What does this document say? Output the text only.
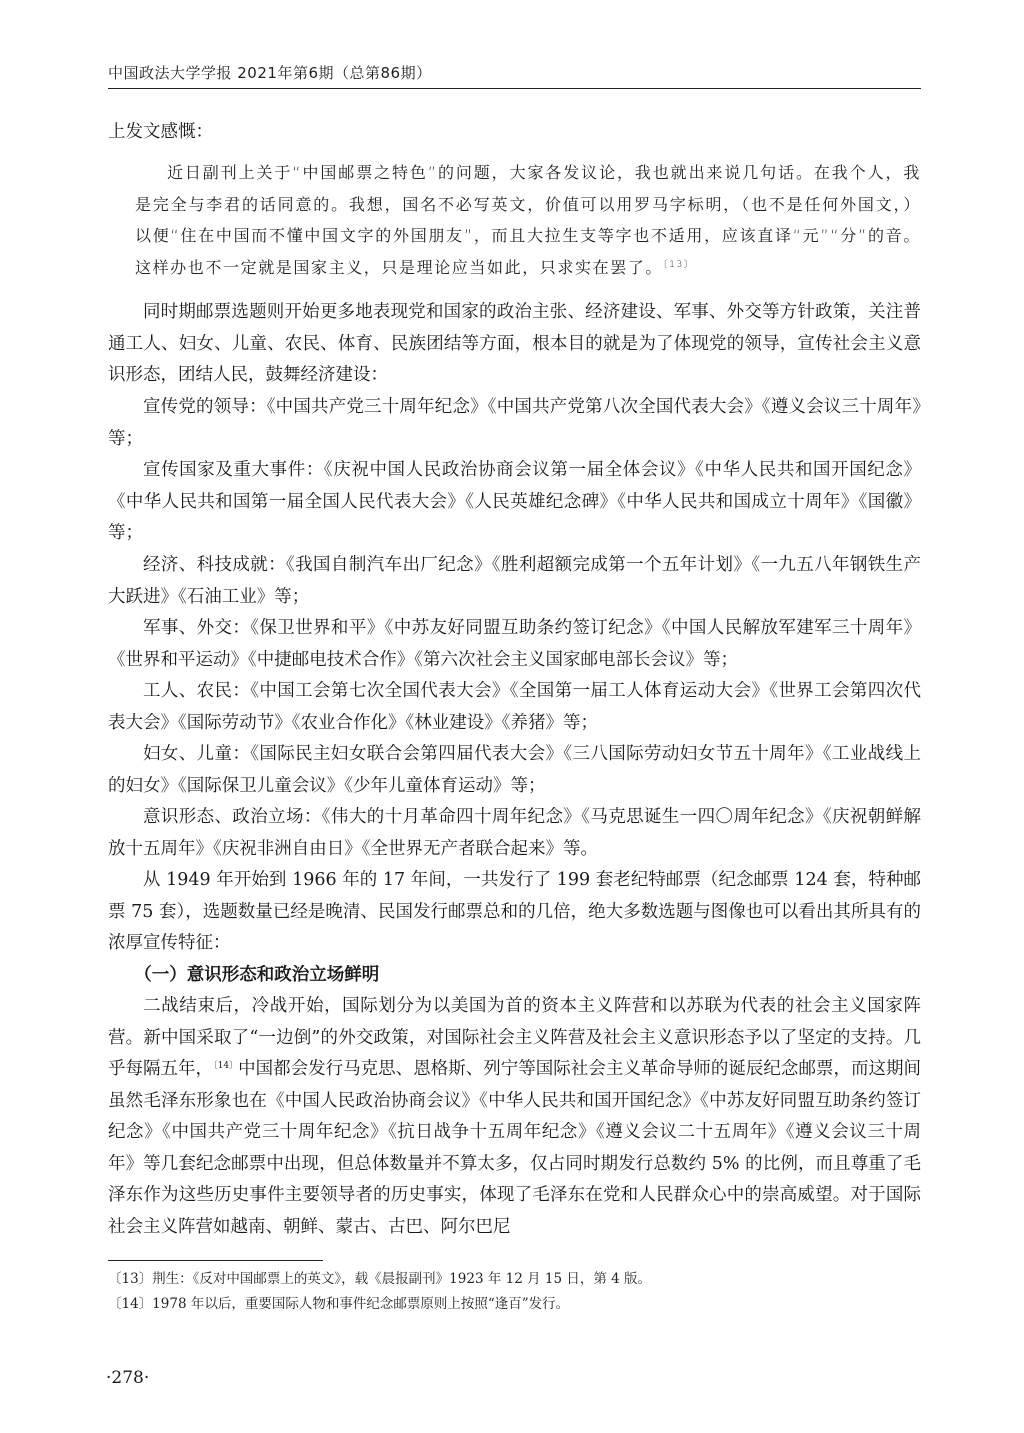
中国政法大学学报 2021年第6期（总第86期）
上发文感慨：
近日副刊上关于“中国邮票之特色”的问题，大家各发议论，我也就出来说几句话。在我个人，我是完全与李君的话同意的。我想，国名不必写英文，价值可以用罗马字标明，（也不是任何外国文，）以便“住在中国而不懂中国文字的外国朋友”，而且大拉生支等字也不适用，应该直译“元”“分”的音。这样办也不一定就是国家主义，只是理论应当如此，只求实在罢了。$^{〔13〕}$
同时期邮票选题则开始更多地表现党和国家的政治主张、经济建设、军事、外交等方针政策，关注普通工人、妇女、儿童、农民、体育、民族团结等方面，根本目的就是为了体现党的领导，宣传社会主义意识形态，团结人民，鼓舞经济建设：
宣传党的领导：《中国共产党三十周年纪念》《中国共产党第八次全国代表大会》《遵义会议三十周年》等；
宣传国家及重大事件：《庆祝中国人民政治协商会议第一届全体会议》《中华人民共和国开国纪念》《中华人民共和国第一届全国人民代表大会》《人民英雄纪念碑》《中华人民共和国成立十周年》《国徽》等；
经济、科技成就：《我国自制汽车出厂纪念》《胜利超额完成第一个五年计划》《一九五八年钢铁生产大跃进》《石油工业》等；
军事、外交：《保卫世界和平》《中苏友好同盟互助条约签订纪念》《中国人民解放军建军三十周年》《世界和平运动》《中捷邮电技术合作》《第六次社会主义国家邮电部长会议》等；
工人、农民：《中国工会第七次全国代表大会》《全国第一届工人体育运动大会》《世界工会第四次代表大会》《国际劳动节》《农业合作化》《林业建设》《养猪》等；
妇女、儿童：《国际民主妇女联合会第四届代表大会》《三八国际劳动妇女节五十周年》《工业战线上的妇女》《国际保卫儿童会议》《少年儿童体育运动》等；
意识形态、政治立场：《伟大的十月革命四十周年纪念》《马克思诞生一四〇周年纪念》《庆祝朝鲜解放十五周年》《庆祝非洲自由日》《全世界无产者联合起来》等。
从 1949 年开始到 1966 年的 17 年间，一共发行了 199 套老纪特邮票（纪念邮票 124 套，特种邮票 75 套），选题数量已经是晚清、民国发行邮票总和的几倍，绝大多数选题与图像也可以看出其所具有的浓厚宣传特征：
（一）意识形态和政治立场鲜明
二战结束后，冷战开始，国际划分为以美国为首的资本主义阵营和以苏联为代表的社会主义国家阵营。新中国采取了“一边倒”的外交政策，对国际社会主义阵营及社会主义意识形态予以了坚定的支持。几乎每隔五年，$^{〔14〕}$中国都会发行马克思、恩格斯、列宁等国际社会主义革命导师的诞辰纪念邮票，而这期间虽然毛泽东形象也在《中国人民政治协商会议》《中华人民共和国开国纪念》《中苏友好同盟互助条约签订纪念》《中国共产党三十周年纪念》《抗日战争十五周年纪念》《遵义会议二十五周年》《遵义会议三十周年》等几套纪念邮票中出现，但总体数量并不算太多，仅占同时期发行总数约 5% 的比例，而且尊重了毛泽东作为这些历史事件主要领导者的历史事实，体现了毛泽东在党和人民群众心中的崇高威望。对于国际社会主义阵营如越南、朝鲜、蒙古、古巴、阿尔巴尼
〔13〕荆生：《反对中国邮票上的英文》，载《晨报副刊》1923 年 12 月 15 日，第 4 版。
〔14〕1978 年以后，重要国际人物和事件纪念邮票原则上按照“逢百”发行。
·278·
